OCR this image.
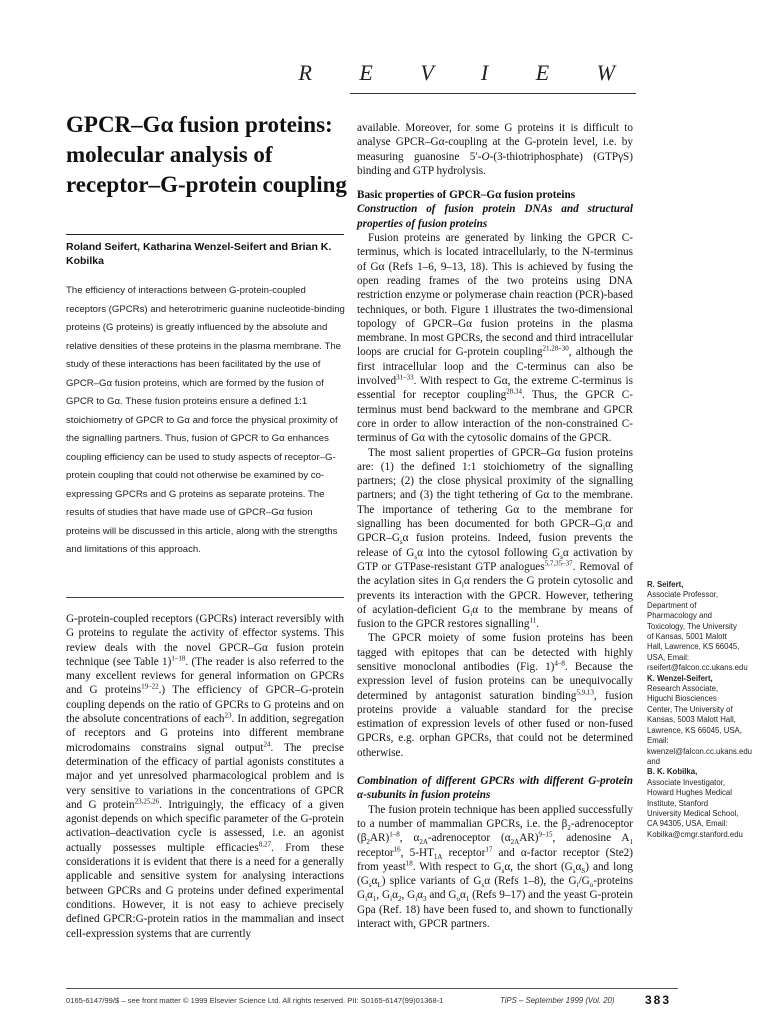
R E V I E W
GPCR–Gα fusion proteins: molecular analysis of receptor–G-protein coupling
Roland Seifert, Katharina Wenzel-Seifert and Brian K. Kobilka
The efficiency of interactions between G-protein-coupled receptors (GPCRs) and heterotrimeric guanine nucleotide-binding proteins (G proteins) is greatly influenced by the absolute and relative densities of these proteins in the plasma membrane. The study of these interactions has been facilitated by the use of GPCR–Gα fusion proteins, which are formed by the fusion of GPCR to Gα. These fusion proteins ensure a defined 1:1 stoichiometry of GPCR to Gα and force the physical proximity of the signalling partners. Thus, fusion of GPCR to Gα enhances coupling efficiency can be used to study aspects of receptor–G-protein coupling that could not otherwise be examined by co-expressing GPCRs and G proteins as separate proteins. The results of studies that have made use of GPCR–Gα fusion proteins will be discussed in this article, along with the strengths and limitations of this approach.

G-protein-coupled receptors (GPCRs) interact reversibly with G proteins to regulate the activity of effector systems. This review deals with the novel GPCR–Gα fusion protein technique (see Table 1)$^{1-18}$. (The reader is also referred to the many excellent reviews for general information on GPCRs and G proteins$^{19-22}$.) The efficiency of GPCR–G-protein coupling depends on the ratio of GPCRs to G proteins and on the absolute concentrations of each$^{23}$. In addition, segregation of receptors and G proteins into different membrane microdomains constrains signal output$^{24}$. The precise determination of the efficacy of partial agonists constitutes a major and yet unresolved pharmacological problem and is very sensitive to variations in the concentrations of GPCR and G protein$^{23,25,26}$. Intriguingly, the efficacy of a given agonist depends on which specific parameter of the G-protein activation–deactivation cycle is assessed, i.e. an agonist actually possesses multiple efficacies$^{8,27}$. From these considerations it is evident that there is a need for a generally applicable and sensitive system for analysing interactions between GPCRs and G proteins under defined experimental conditions. However, it is not easy to achieve precisely defined GPCR:G-protein ratios in the mammalian and insect cell-expression systems that are currently

available. Moreover, for some G proteins it is difficult to analyse GPCR–Gα-coupling at the G-protein level, i.e. by measuring guanosine 5′-O-(3-thiotriphosphate) (GTPγS) binding and GTP hydrolysis.

Basic properties of GPCR–Gα fusion proteins
Construction of fusion protein DNAs and structural properties of fusion proteins

Fusion proteins are generated by linking the GPCR C-terminus, which is located intracellularly, to the N-terminus of Gα (Refs 1–6, 9–13, 18). This is achieved by fusing the open reading frames of the two proteins using DNA restriction enzyme or polymerase chain reaction (PCR)-based techniques, or both. Figure 1 illustrates the two-dimensional topology of GPCR–Gα fusion proteins in the plasma membrane. In most GPCRs, the second and third intracellular loops are crucial for G-protein coupling$^{21,28-30}$, although the first intracellular loop and the C-terminus can also be involved$^{31-33}$. With respect to Gα, the extreme C-terminus is essential for receptor coupling$^{28,34}$. Thus, the GPCR C-terminus must bend backward to the membrane and GPCR core in order to allow interaction of the non-constrained C-terminus of Gα with the cytosolic domains of the GPCR.

The most salient properties of GPCR–Gα fusion proteins are: (1) the defined 1:1 stoichiometry of the signalling partners; (2) the close physical proximity of the signalling partners; and (3) the tight tethering of Gα to the membrane. The importance of tethering Gα to the membrane for signalling has been documented for both GPCR–$G_i\alpha$ and GPCR–$G_s\alpha$ fusion proteins. Indeed, fusion prevents the release of $G_s\alpha$ into the cytosol following $G_s\alpha$ activation by GTP or GTPase-resistant GTP analogues$^{5,7,35-37}$. Removal of the acylation sites in $G_i\alpha$ renders the G protein cytosolic and prevents its interaction with the GPCR. However, tethering of acylation-deficient $G_i\alpha$ to the membrane by means of fusion to the GPCR restores signalling$^{11}$.

The GPCR moiety of some fusion proteins has been tagged with epitopes that can be detected with highly sensitive monoclonal antibodies (Fig. 1)$^{4-8}$. Because the expression level of fusion proteins can be unequivocally determined by antagonist saturation binding$^{5,9,13}$, fusion proteins provide a valuable standard for the precise estimation of expression levels of other fused or non-fused GPCRs, e.g. orphan GPCRs, that could not be determined otherwise.

Combination of different GPCRs with different G-protein α-subunits in fusion proteins

The fusion protein technique has been applied successfully to a number of mammalian GPCRs, i.e. the $\beta_2$-adrenoceptor $(\beta_2AR)^{1-8}$, $\alpha_{2A}$-adrenoceptor $(\alpha_{2A}AR)^{9-15}$, adenosine $A_1$ receptor$^{16}$, $5-HT_{1A}$ receptor$^{17}$ and α-factor receptor (Ste2) from yeast$^{18}$. With respect to $G_s\alpha$, the short $(G_s\alpha_S)$ and long $(G_s\alpha_L)$ splice variants of $G_s\alpha$ (Refs 1–8), the $G_i/G_o$-proteins $G_i\alpha_1$, $G_i\alpha_2$, $G_i\alpha_3$ and $G_o\alpha_1$ (Refs 9–17) and the yeast G-protein Gpa (Ref. 18) have been fused to, and shown to functionally interact with, GPCR partners.

R. Seifert,
Associate Professor, Department of Pharmacology and Toxicology, The University of Kansas, 5001 Malott Hall, Lawrence, KS 66045, USA, Email: rseifert@falcon.cc.ukans.edu
K. Wenzel-Seifert,
Research Associate, Higuchi Biosciences Center, The University of Kansas, 5003 Malott Hall, Lawrence, KS 66045, USA, Email: kwenzel@falcon.cc.ukans.edu
and
B. K. Kobilka,
Associate Investigator, Howard Hughes Medical Institute, Stanford University Medical School, CA 94305, USA, Email: Kobilka@cmgr.stanford.edu
0165-6147/99/$ – see front matter © 1999 Elsevier Science Ltd. All rights reserved. PII: S0165-6147(99)01368-1	TiPS – September 1999 (Vol. 20)	383
